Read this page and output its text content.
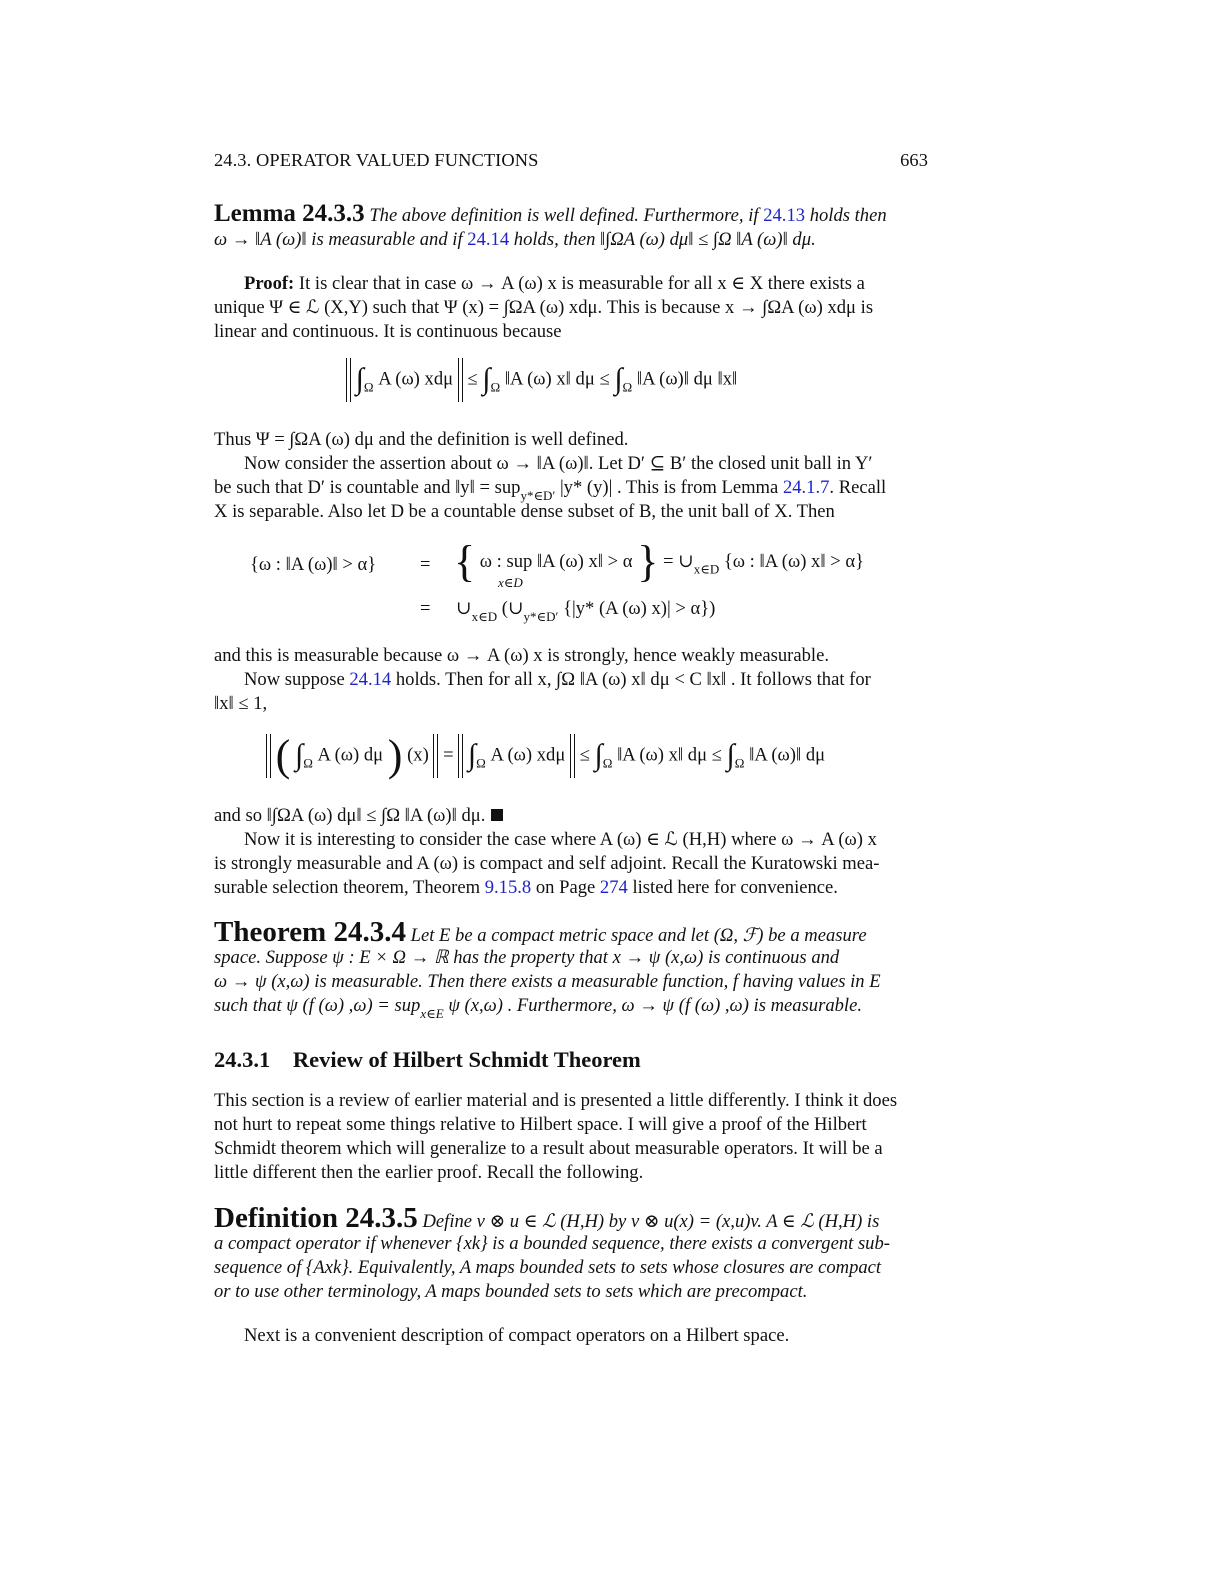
24.3. OPERATOR VALUED FUNCTIONS	663
Lemma 24.3.3 The above definition is well defined. Furthermore, if 24.13 holds then
ω → ‖A (ω)‖ is measurable and if 24.14 holds, then ‖∫ΩA (ω) dμ‖ ≤ ∫Ω ‖A (ω)‖ dμ.
Proof: It is clear that in case ω → A (ω) x is measurable for all x ∈ X there exists a
unique Ψ ∈ ℒ (X,Y) such that Ψ (x) = ∫ΩA (ω) xdμ. This is because x → ∫ΩA (ω) xdμ is
linear and continuous. It is continuous because
$\int_\Omega$ A (ω) $xd\mu \le \int_\Omega$ ‖A (ω) x‖ $d\mu \le \int_\Omega$ ‖A (ω)‖ dμ ‖x‖
Thus Ψ = ∫ΩA (ω) dμ and the definition is well defined.
Now consider the assertion about ω → ‖A (ω)‖. Let D′ ⊆ B′ the closed unit ball in Y′
be such that D′ is countable and ‖y‖ = sup$_{y*\in D'}$ |y* (y)| . This is from Lemma 24.1.7. Recall
X is separable. Also let D be a countable dense subset of B, the unit ball of X. Then
{ω : ‖A (ω)‖ > α} = { ω : sup ‖A (ω) x‖ > α } = $\cup_{x\in D}$ {ω : ‖A (ω) x‖ > α}
x∈D
= $\cup_{x\in D}$ ($\cup_{y*\in D'}$ {|y* (A (ω) x)| > α})
and this is measurable because ω → A (ω) x is strongly, hence weakly measurable.
Now suppose 24.14 holds. Then for all x, ∫Ω ‖A (ω) x‖ dμ < C ‖x‖ . It follows that for
‖x‖ ≤ 1,
( $\int_\Omega$ A (ω) dμ ) $(x) = \int_\Omega$ A (ω) $xd\mu \le \int_\Omega$ ‖A (ω) x‖ $d\mu \le \int_\Omega$ ‖A (ω)‖ dμ
and so ‖∫ΩA (ω) dμ‖ ≤ ∫Ω ‖A (ω)‖ dμ.
Now it is interesting to consider the case where A (ω) ∈ ℒ (H,H) where ω → A (ω) x
is strongly measurable and A (ω) is compact and self adjoint. Recall the Kuratowski mea-
surable selection theorem, Theorem 9.15.8 on Page 274 listed here for convenience.
Theorem 24.3.4 Let E be a compact metric space and let (Ω, ℱ) be a measure
space. Suppose ψ : E × Ω → ℝ has the property that x → ψ (x,ω) is continuous and
ω → ψ (x,ω) is measurable. Then there exists a measurable function, f having values in E
such that ψ (f (ω) ,ω) = sup$_{x\in E}$ ψ (x,ω) . Furthermore, ω → ψ (f (ω) ,ω) is measurable.
24.3.1 Review of Hilbert Schmidt Theorem
This section is a review of earlier material and is presented a little differently. I think it does
not hurt to repeat some things relative to Hilbert space. I will give a proof of the Hilbert
Schmidt theorem which will generalize to a result about measurable operators. It will be a
little different then the earlier proof. Recall the following.
Definition 24.3.5 Define v ⊗ u ∈ ℒ (H,H) by v ⊗ u(x) = (x,u)v. A ∈ ℒ (H,H) is
a compact operator if whenever {xk} is a bounded sequence, there exists a convergent sub-
sequence of {Axk}. Equivalently, A maps bounded sets to sets whose closures are compact
or to use other terminology, A maps bounded sets to sets which are precompact.
Next is a convenient description of compact operators on a Hilbert space.
